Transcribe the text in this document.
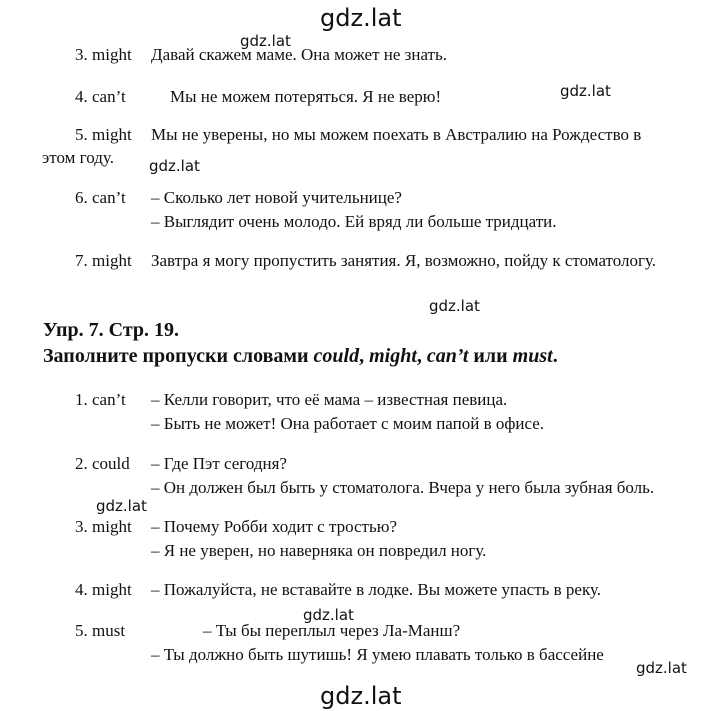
gdz.lat
gdz.lat
gdz.lat
gdz.lat
gdz.lat
gdz.lat
gdz.lat
gdz.lat
gdz.lat
3. might Давай скажем маме. Она может не знать.
4. can’t	Мы не можем потеряться. Я не верю!
5. might Мы не уверены, но мы можем поехать в Австралию на Рождество в
этом году.
6. can’t – Сколько лет новой учительнице?
– Выглядит очень молодо. Ей вряд ли больше тридцати.
7. might Завтра я могу пропустить занятия. Я, возможно, пойду к стоматологу.
Упр. 7. Стр. 19.
Заполните пропуски словами could, might, can’t или must.
1. can’t – Келли говорит, что её мама – известная певица.
– Быть не может! Она работает с моим папой в офисе.
2. could – Где Пэт сегодня?
– Он должен был быть у стоматолога. Вчера у него была зубная боль.
3. might – Почему Робби ходит с тростью?
– Я не уверен, но наверняка он повредил ногу.
4. might – Пожалуйста, не вставайте в лодке. Вы можете упасть в реку.
5. must	– Ты бы переплыл через Ла-Манш?
– Ты должно быть шутишь! Я умею плавать только в бассейне
